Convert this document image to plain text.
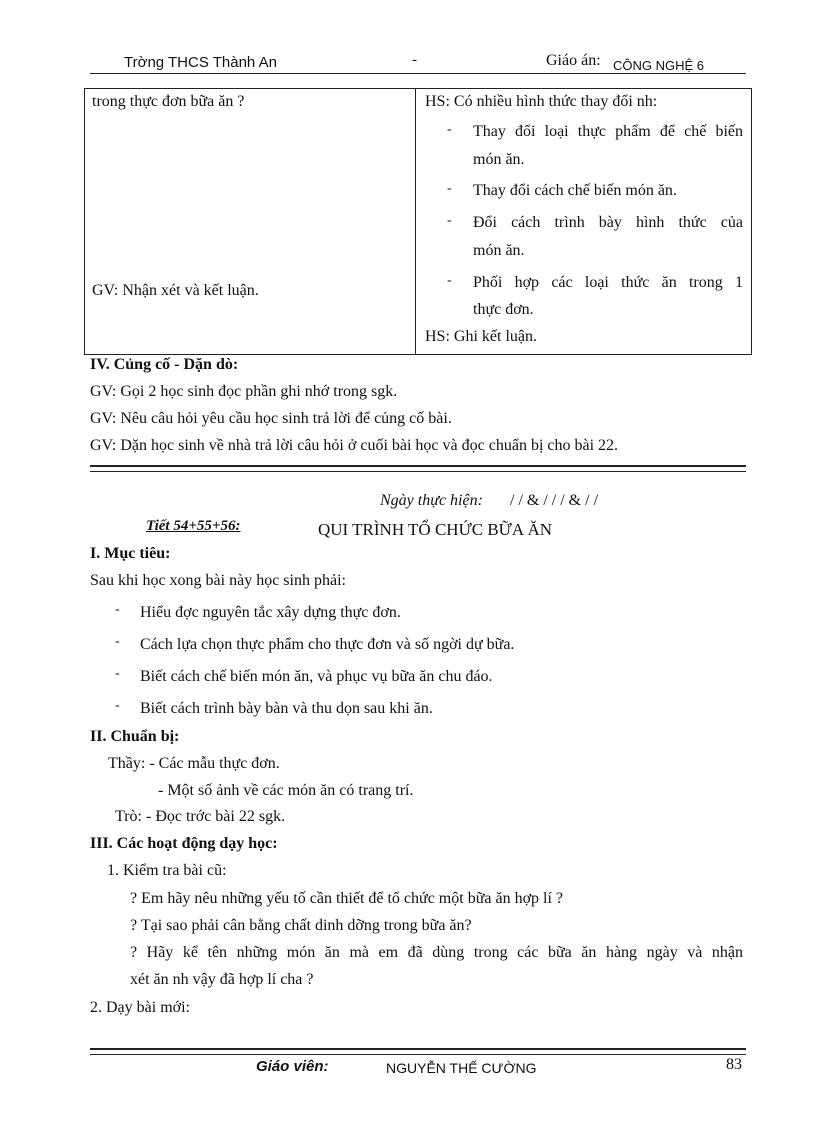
Trờng THCS Thành An	-	Giáo án: CÔNG NGHỆ 6
trong thực đơn bữa ăn ?
GV: Nhận xét và kết luận.

HS: Có nhiều hình thức thay đổi nh:
- Thay đổi loại thực phẩm để chế biến
món ăn.
- Thay đổi cách chế biến món ăn.
- Đổi cách trình bày hình thức của
món ăn.
- Phối hợp các loại thức ăn trong 1
thực đơn.
HS: Ghi kết luận.
IV. Củng cố - Dặn dò:
GV: Gọi 2 học sinh đọc phần ghi nhớ trong sgk.
GV: Nêu câu hỏi yêu cầu học sinh trả lời để củng cố bài.
GV: Dặn học sinh về nhà trả lời câu hỏi ở cuối bài học và đọc chuẩn bị cho bài 22.
Ngày thực hiện: / / & / / / & / /
Tiết 54+55+56:	QUI TRÌNH TỔ CHỨC BỮA ĂN
I. Mục tiêu:
Sau khi học xong bài này học sinh phải:
- Hiểu đợc nguyên tắc xây dựng thực đơn.
- Cách lựa chọn thực phẩm cho thực đơn và số ngời dự bữa.
- Biết cách chế biến món ăn, và phục vụ bữa ăn chu đáo.
- Biết cách trình bày bàn và thu dọn sau khi ăn.
II. Chuẩn bị:
Thầy: - Các mẫu thực đơn.
- Một số ảnh về các món ăn có trang trí.
Trò: - Đọc trớc bài 22 sgk.
III. Các hoạt động dạy học:
1. Kiểm tra bài cũ:
? Em hãy nêu những yếu tố cần thiết để tổ chức một bữa ăn hợp lí ?
? Tại sao phải cân bằng chất dinh dỡng trong bữa ăn?
? Hãy kể tên những món ăn mà em đã dùng trong các bữa ăn hàng ngày và nhận
xét ăn nh vậy đã hợp lí cha ?
2. Dạy bài mới:
Giáo viên:	NGUYỄN THẾ CƯỜNG	83
